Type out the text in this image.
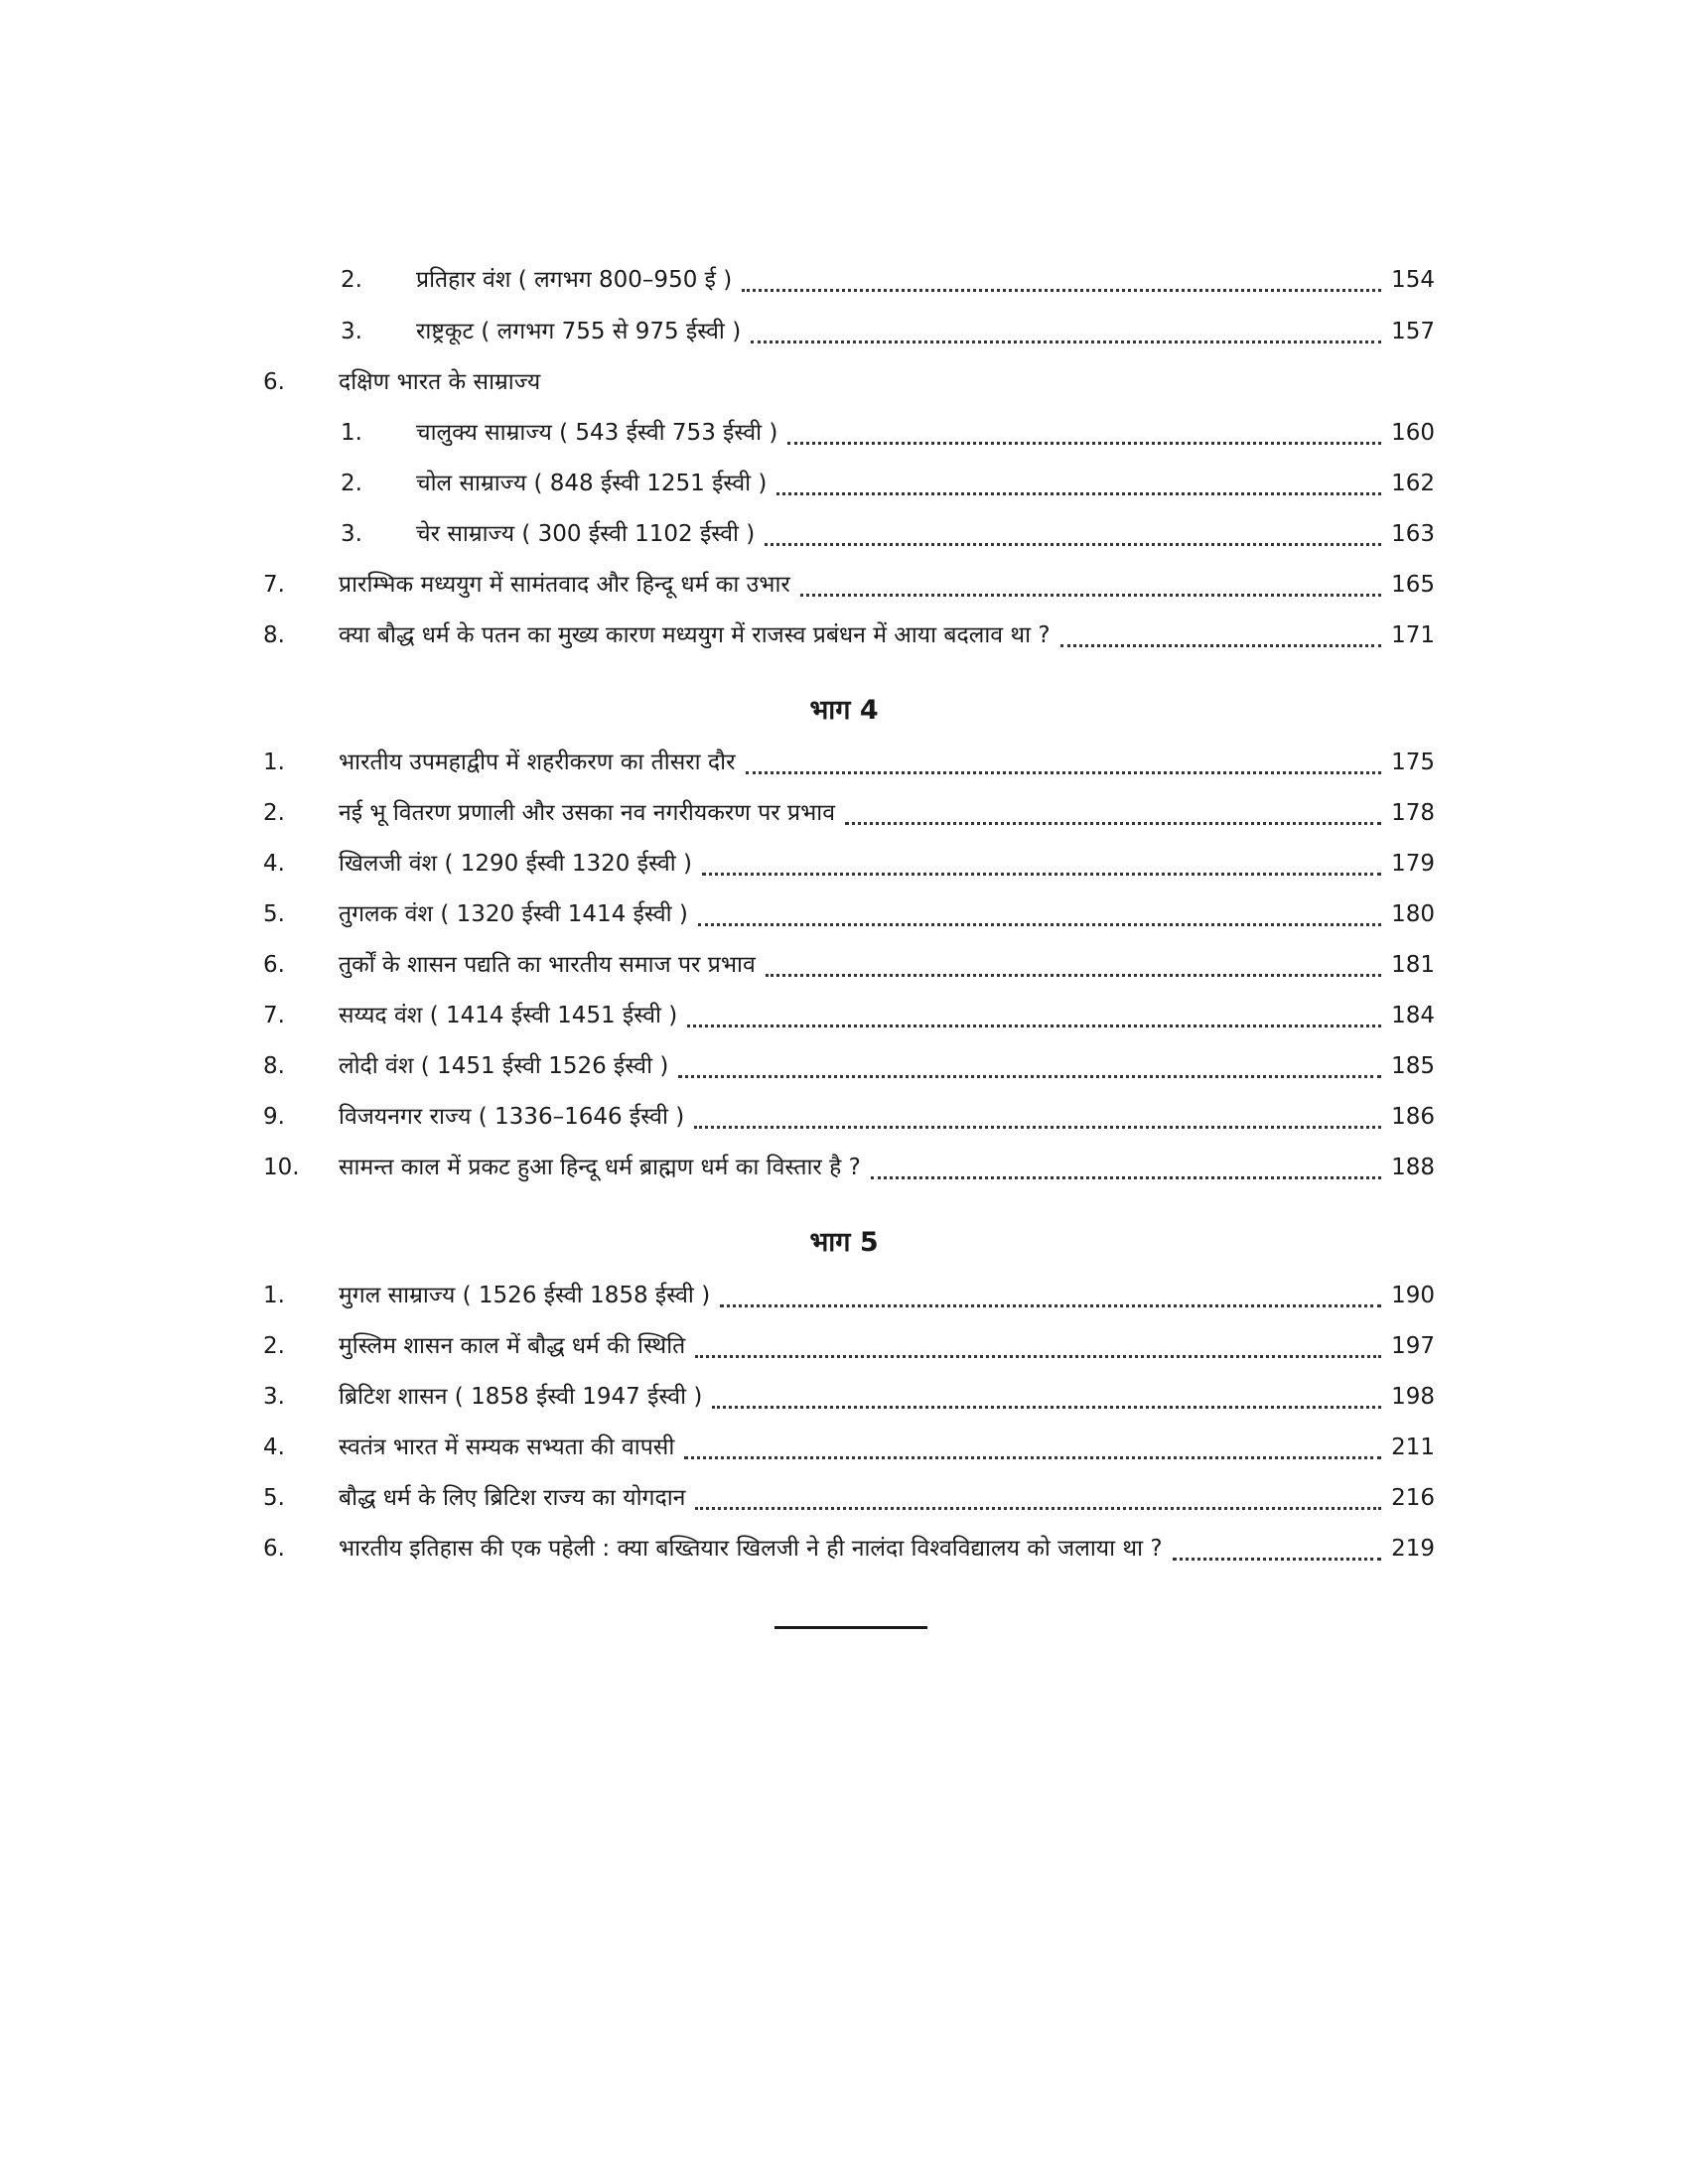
2.	प्रतिहार वंश ( लगभग 800–950 ई )	154
3.	राष्ट्रकूट ( लगभग 755 से 975 ईस्वी )	157
6.	दक्षिण भारत के साम्राज्य
1.	चालुक्य साम्राज्य ( 543 ईस्वी 753 ईस्वी )	160
2.	चोल साम्राज्य ( 848 ईस्वी 1251 ईस्वी )	162
3.	चेर साम्राज्य ( 300 ईस्वी 1102 ईस्वी )	163
7.	प्रारम्भिक मध्ययुग में सामंतवाद और हिन्दू धर्म का उभार	165
8.	क्या बौद्ध धर्म के पतन का मुख्य कारण मध्ययुग में राजस्व प्रबंधन में आया बदलाव था ?	171
भाग 4
1.	भारतीय उपमहाद्वीप में शहरीकरण का तीसरा दौर	175
2.	नई भू वितरण प्रणाली और उसका नव नगरीयकरण पर प्रभाव	178
4.	खिलजी वंश ( 1290 ईस्वी 1320 ईस्वी )	179
5.	तुगलक वंश ( 1320 ईस्वी 1414 ईस्वी )	180
6.	तुर्कों के शासन पद्यति का भारतीय समाज पर प्रभाव	181
7.	सय्यद वंश ( 1414 ईस्वी 1451 ईस्वी )	184
8.	लोदी वंश ( 1451 ईस्वी 1526 ईस्वी )	185
9.	विजयनगर राज्य ( 1336–1646 ईस्वी )	186
10.	सामन्त काल में प्रकट हुआ हिन्दू धर्म ब्राह्मण धर्म का विस्तार है ?	188
भाग 5
1.	मुगल साम्राज्य ( 1526 ईस्वी 1858 ईस्वी )	190
2.	मुस्लिम शासन काल में बौद्ध धर्म की स्थिति	197
3.	ब्रिटिश शासन ( 1858 ईस्वी 1947 ईस्वी )	198
4.	स्वतंत्र भारत में सम्यक सभ्यता की वापसी	211
5.	बौद्ध धर्म के लिए ब्रिटिश राज्य का योगदान	216
6.	भारतीय इतिहास की एक पहेली : क्या बख्तियार खिलजी ने ही नालंदा विश्वविद्यालय को जलाया था ?	219
